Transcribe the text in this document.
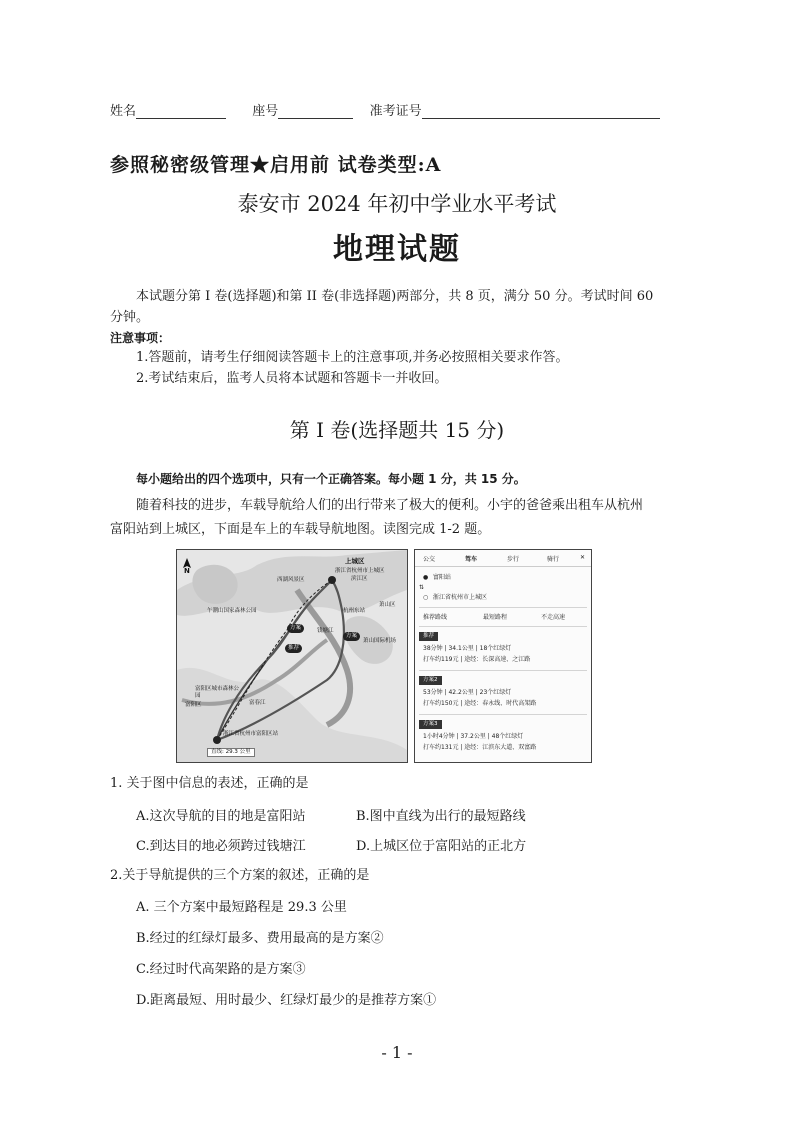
姓名	座号	准考证号
参照秘密级管理★启用前 试卷类型:A
泰安市 2024 年初中学业水平考试
地理试题
本试题分第 I 卷(选择题)和第 II 卷(非选择题)两部分，共 8 页，满分 50 分。考试时间 60 分钟。
注意事项：
1.答题前，请考生仔细阅读答题卡上的注意事项,并务必按照相关要求作答。
2.考试结束后，监考人员将本试题和答题卡一并收回。
第 I 卷(选择题共 15 分)
每小题给出的四个选项中，只有一个正确答案。每小题 1 分，共 15 分。
随着科技的进步，车载导航给人们的出行带来了极大的便利。小宇的爸爸乘出租车从杭州富阳站到上城区，下面是车上的车载导航地图。读图完成 1-2 题。
N
上城区
浙江省杭州市上城区
滨江区
西湖风景区
午潮山国家森林公园
方案
推荐
方案
钱塘江
萧山区
杭州东站
萧山国际机场
富阳区城市森林公园
富阳区	富春江
浙江省杭州市富阳区站
直线: 29.3 公里
公交	驾车	步行	骑行	✕
● 富阳站
⇅
○ 浙江省杭州市上城区
推荐路线	最短路程	不走高速
推荐
38分钟 | 34.1公里 | 18个红绿灯
打车约119元 | 途经：长深高速、之江路
方案2
53分钟 | 42.2公里 | 23个红绿灯
打车约150元 | 途经：春永线、时代高架路
方案3
1小时4分钟 | 37.2公里 | 48个红绿灯
打车约131元 | 途经：江滨东大道、双富路
1. 关于图中信息的表述，正确的是
A.这次导航的目的地是富阳站	B.图中直线为出行的最短路线
C.到达目的地必须跨过钱塘江	D.上城区位于富阳站的正北方
2.关于导航提供的三个方案的叙述，正确的是
A. 三个方案中最短路程是 29.3 公里
B.经过的红绿灯最多、费用最高的是方案②
C.经过时代高架路的是方案③
D.距离最短、用时最少、红绿灯最少的是推荐方案①
- 1 -
